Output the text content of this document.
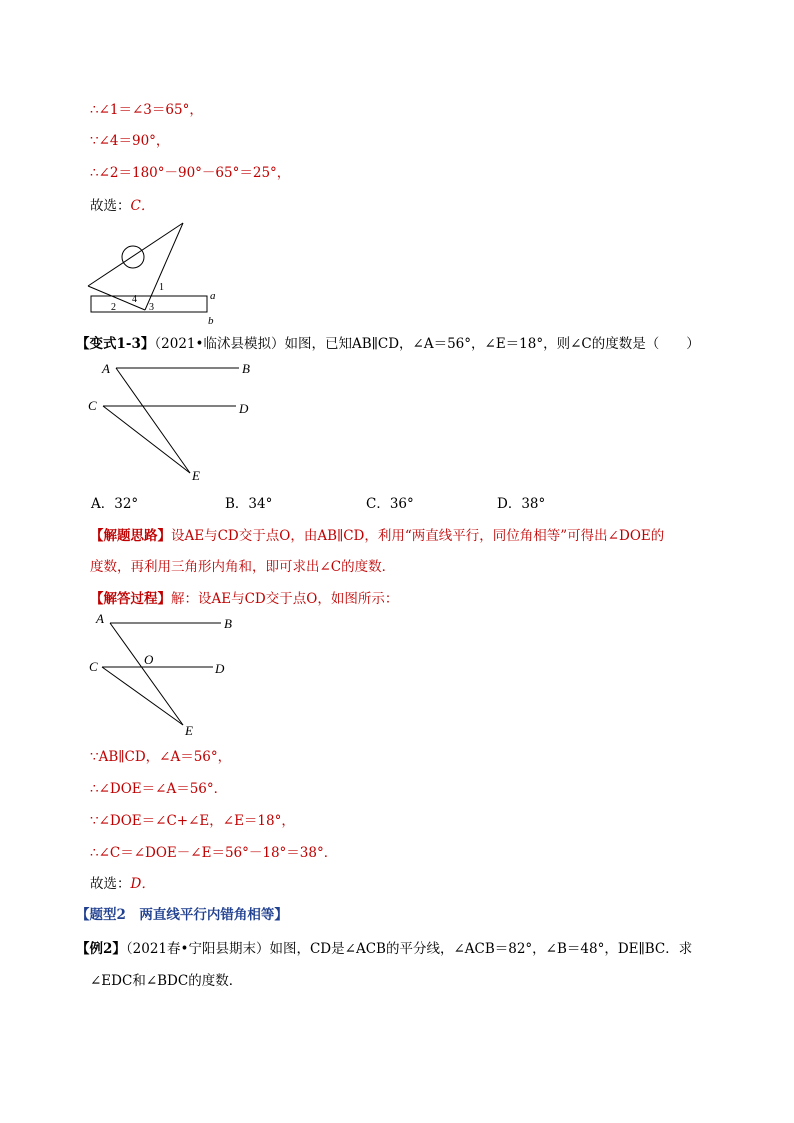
∴∠1＝∠3＝65°，
∵∠4＝90°，
∴∠2＝180°－90°－65°＝25°，
故选：C．
1
2	3
4	a
b
【变式1-3】（2021•临沭县模拟）如图，已知AB∥CD，∠A＝56°，∠E＝18°，则∠C的度数是（　　）
A	B
C	D
E
A．32°	B．34°	C．36°	D．38°
【解题思路】设AE与CD交于点O，由AB∥CD，利用“两直线平行，同位角相等”可得出∠DOE的
度数，再利用三角形内角和，即可求出∠C的度数．
【解答过程】解：设AE与CD交于点O，如图所示：
A	B
C	O
D
E
∵AB∥CD，∠A＝56°，
∴∠DOE＝∠A＝56°．
∵∠DOE＝∠C+∠E，∠E＝18°，
∴∠C＝∠DOE－∠E＝56°－18°＝38°．
故选：D．
【题型2　两直线平行内错角相等】
【例2】（2021春•宁阳县期末）如图，CD是∠ACB的平分线，∠ACB＝82°，∠B＝48°，DE∥BC．求
∠EDC和∠BDC的度数．
